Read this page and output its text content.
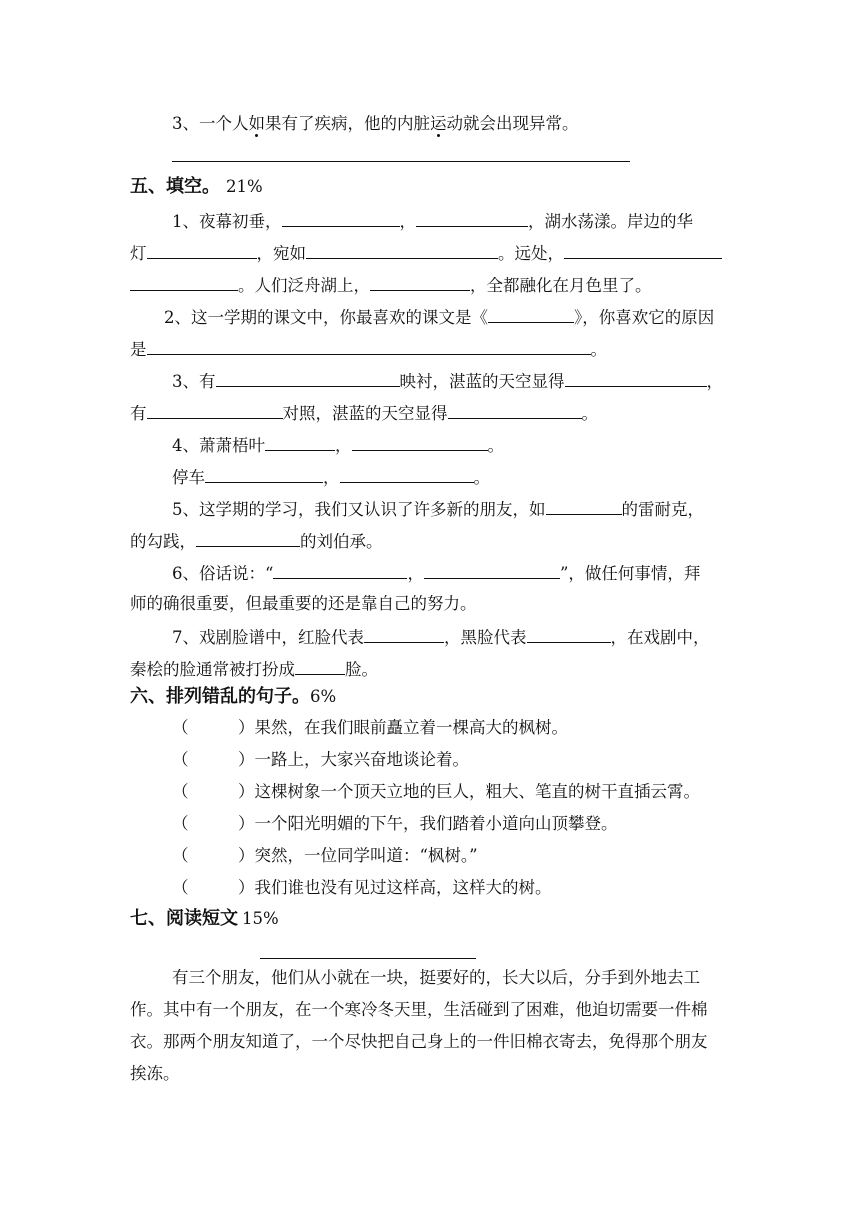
3、一个人如果有了疾病，他的内脏运动就会出现异常。
五、填空。 21%
1、夜幕初垂，	，	，湖水荡漾。岸边的华
灯	，宛如	。远处，
。人们泛舟湖上，	，全都融化在月色里了。
2、这一学期的课文中，你最喜欢的课文是《	》，你喜欢它的原因
是	。
3、有	映衬，湛蓝的天空显得	，
有	对照，湛蓝的天空显得	。
4、萧萧梧叶	，	。
停车	，	。
5、这学期的学习，我们又认识了许多新的朋友，如	的雷耐克，
的勾践，	的刘伯承。
6、俗话说：“	，	”，做任何事情，拜
师的确很重要，但最重要的还是靠自己的努力。
7、戏剧脸谱中，红脸代表	，黑脸代表	，在戏剧中，
秦桧的脸通常被打扮成	脸。
六、排列错乱的句子。6%
（	）果然，在我们眼前矗立着一棵高大的枫树。
（	）一路上，大家兴奋地谈论着。
（	）这棵树象一个顶天立地的巨人，粗大、笔直的树干直插云霄。
（	）一个阳光明媚的下午，我们踏着小道向山顶攀登。
（	）突然，一位同学叫道：“枫树。”
（	）我们谁也没有见过这样高，这样大的树。
七、阅读短文 15%
有三个朋友，他们从小就在一块，挺要好的，长大以后，分手到外地去工
作。其中有一个朋友，在一个寒冷冬天里，生活碰到了困难，他迫切需要一件棉
衣。那两个朋友知道了，一个尽快把自己身上的一件旧棉衣寄去，免得那个朋友
挨冻。
